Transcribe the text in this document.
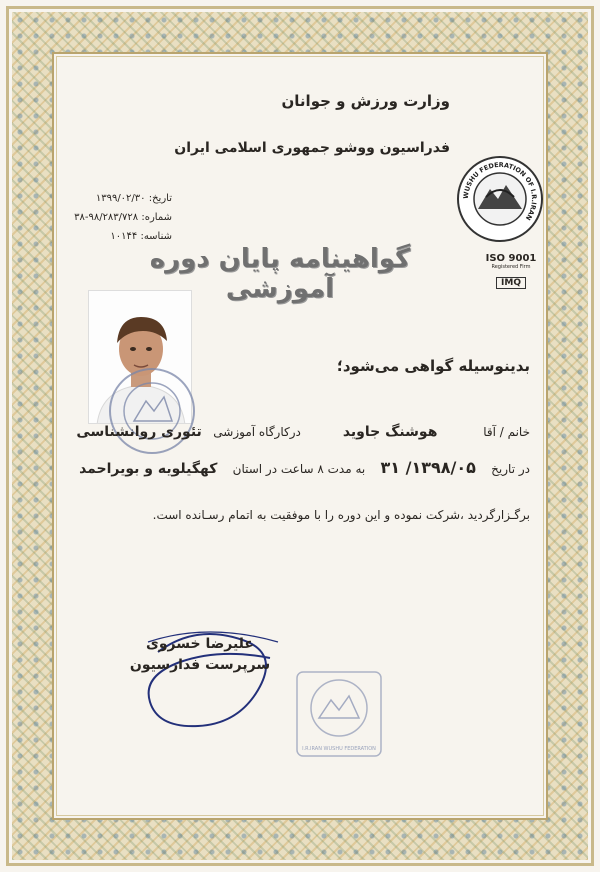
وزارت ورزش و جوانان
فدراسیون ووشو جمهوری اسلامی ایران
WUSHU FEDERATION OF I.R.IRAN
ISO 9001
Registered Firm
IMQ
تاریخ: ۱۳۹۹/۰۲/۳۰
شماره: ۹۸/۲۸۳/۷۲۸-۳۸
شناسه: ۱۰۱۴۴
گواهینامه پایان دوره آموزشی
بدینوسیله گواهی می‌شود؛
خانم / آقا            هوشنگ جاوید           درکارگاه آموزشی   تئوری روانشناسی
در تاریخ    ۱۳۹۸/۰۵/ ۳۱    به مدت ۸ ساعت در استان    کهگیلویه و بویراحمد
برگـزارگردید ،شرکت نموده و این دوره را با موفقیت به اتمام رسـانده است.
علیرضا خسروی
سرپرست فدارسیون
I.R.IRAN WUSHU FEDERATION
